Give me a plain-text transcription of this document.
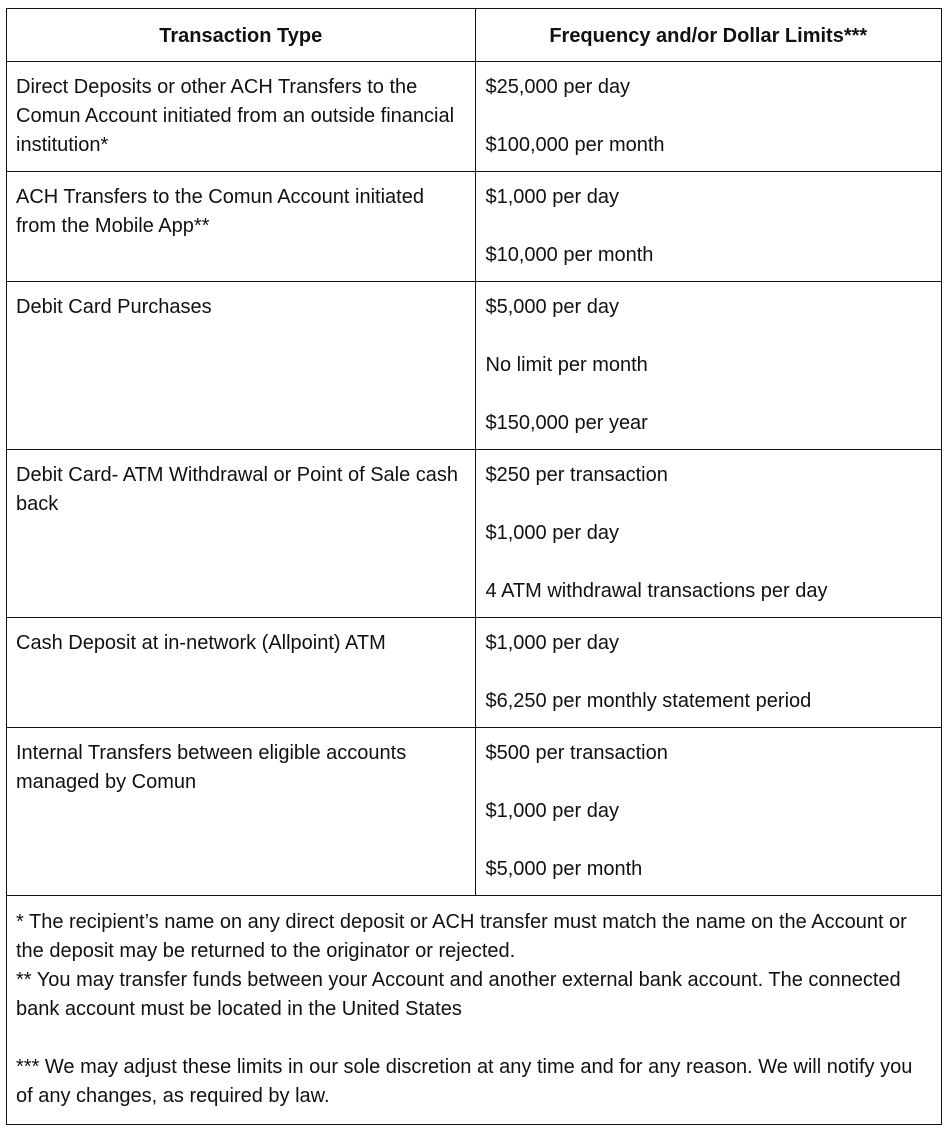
Transaction Type	Frequency and/or Dollar Limits***
Direct Deposits or other ACH Transfers to the Comun Account initiated from an outside financial institution*	$25,000 per day
$100,000 per month

ACH Transfers to the Comun Account initiated from the Mobile App**	$1,000 per day
$10,000 per month

Debit Card Purchases	$5,000 per day
No limit per month
$150,000 per year

Debit Card- ATM Withdrawal or Point of Sale cash back	$250 per transaction
$1,000 per day
4 ATM withdrawal transactions per day

Cash Deposit at in-network (Allpoint) ATM	$1,000 per day
$6,250 per monthly statement period

Internal Transfers between eligible accounts managed by Comun	$500 per transaction
$1,000 per day
$5,000 per month
* The recipient’s name on any direct deposit or ACH transfer must match the name on the Account or the deposit may be returned to the originator or rejected.
** You may transfer funds between your Account and another external bank account. The connected bank account must be located in the United States
*** We may adjust these limits in our sole discretion at any time and for any reason. We will notify you of any changes, as required by law.
